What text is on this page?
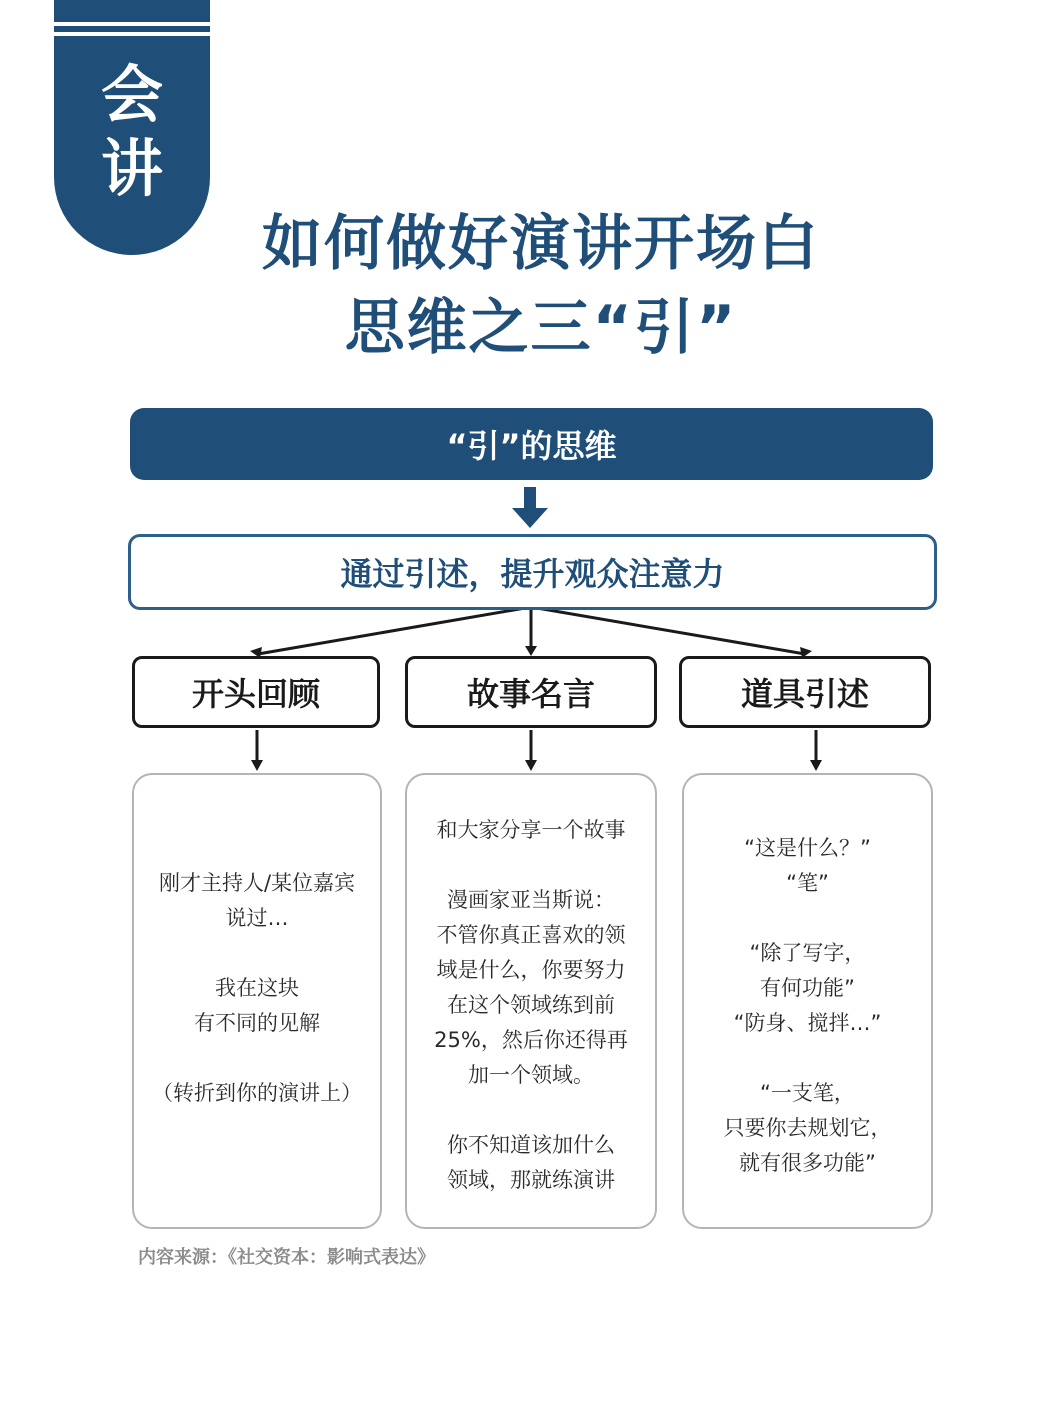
会
讲
如何做好演讲开场白
思维之三“引”
“引”的思维
通过引述，提升观众注意力
开头回顾	故事名言	道具引述
刚才主持人/某位嘉宾
说过…
我在这块
有不同的见解
（转折到你的演讲上）
和大家分享一个故事
漫画家亚当斯说：
不管你真正喜欢的领
域是什么，你要努力
在这个领域练到前
25%，然后你还得再
加一个领域。
你不知道该加什么
领域，那就练演讲
“这是什么？”
“笔”
“除了写字，
有何功能”
“防身、搅拌…”
“一支笔，
只要你去规划它，
就有很多功能”
内容来源：《社交资本：影响式表达》
